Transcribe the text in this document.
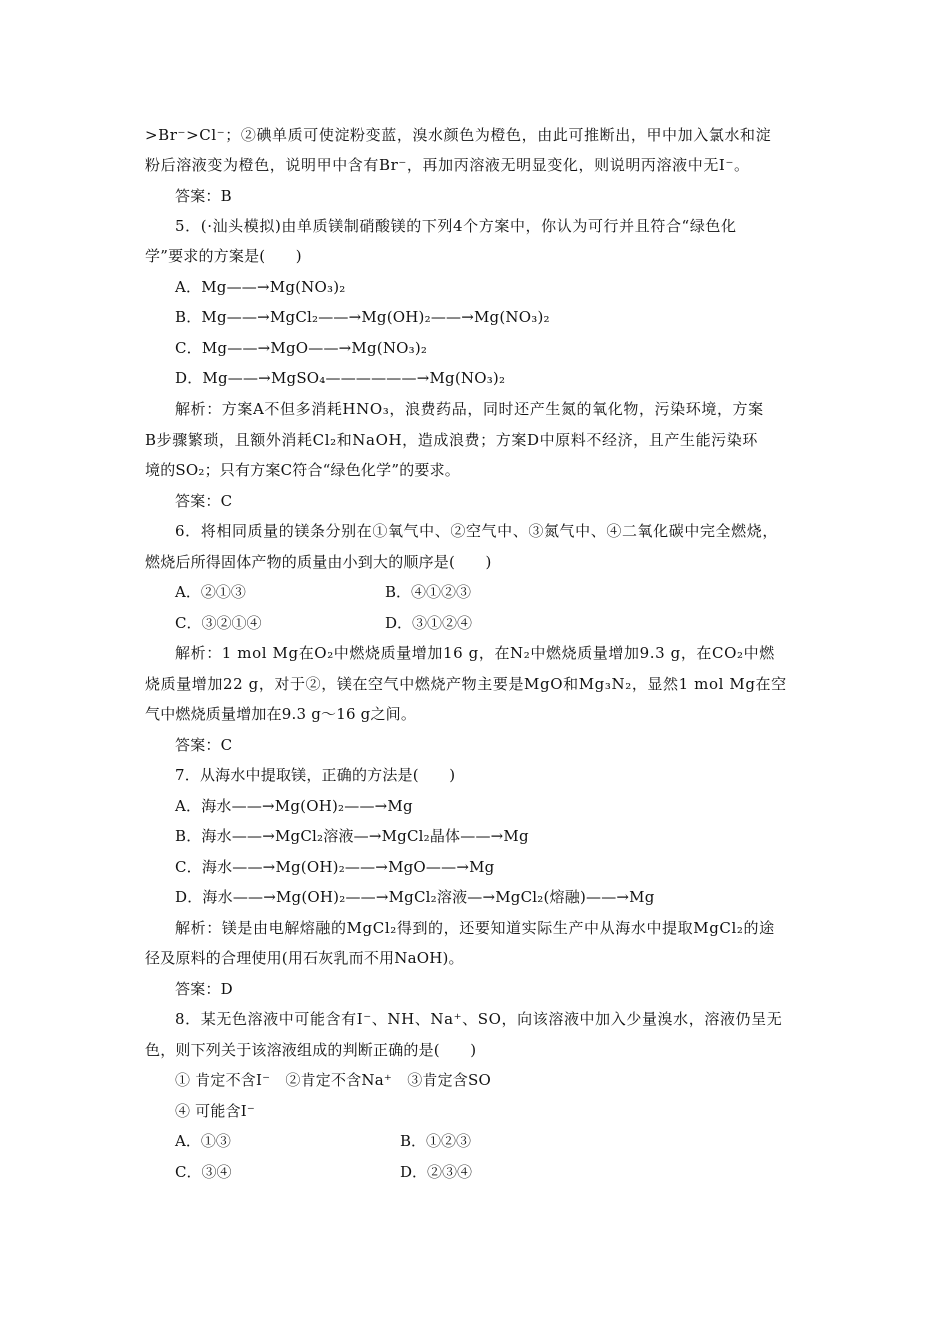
>Br⁻>Cl⁻；②碘单质可使淀粉变蓝，溴水颜色为橙色，由此可推断出，甲中加入氯水和淀
粉后溶液变为橙色，说明甲中含有Br⁻，再加丙溶液无明显变化，则说明丙溶液中无I⁻。
答案：B
5．(·汕头模拟)由单质镁制硝酸镁的下列4个方案中，你认为可行并且符合“绿色化
学”要求的方案是(　　)
A．Mg——→Mg(NO₃)₂
B．Mg——→MgCl₂——→Mg(OH)₂——→Mg(NO₃)₂
C．Mg——→MgO——→Mg(NO₃)₂
D．Mg——→MgSO₄——————→Mg(NO₃)₂
解析：方案A不但多消耗HNO₃，浪费药品，同时还产生氮的氧化物，污染环境，方案
B步骤繁琐，且额外消耗Cl₂和NaOH，造成浪费；方案D中原料不经济，且产生能污染环
境的SO₂；只有方案C符合“绿色化学”的要求。
答案：C
6．将相同质量的镁条分别在①氧气中、②空气中、③氮气中、④二氧化碳中完全燃烧，
燃烧后所得固体产物的质量由小到大的顺序是(　　)
A．②①③	B．④①②③
C．③②①④	D．③①②④
解析：1 mol Mg在O₂中燃烧质量增加16 g，在N₂中燃烧质量增加9.3 g，在CO₂中燃
烧质量增加22 g，对于②，镁在空气中燃烧产物主要是MgO和Mg₃N₂，显然1 mol Mg在空
气中燃烧质量增加在9.3 g～16 g之间。
答案：C
7．从海水中提取镁，正确的方法是(　　)
A．海水——→Mg(OH)₂——→Mg
B．海水——→MgCl₂溶液—→MgCl₂晶体——→Mg
C．海水——→Mg(OH)₂——→MgO——→Mg
D．海水——→Mg(OH)₂——→MgCl₂溶液—→MgCl₂(熔融)——→Mg
解析：镁是由电解熔融的MgCl₂得到的，还要知道实际生产中从海水中提取MgCl₂的途
径及原料的合理使用(用石灰乳而不用NaOH)。
答案：D
8．某无色溶液中可能含有I⁻、NH、Na⁺、SO，向该溶液中加入少量溴水，溶液仍呈无
色，则下列关于该溶液组成的判断正确的是(　　)
① 肯定不含I⁻　②肯定不含Na⁺　③肯定含SO
④ 可能含I⁻
A．①③	B．①②③
C．③④	D．②③④
